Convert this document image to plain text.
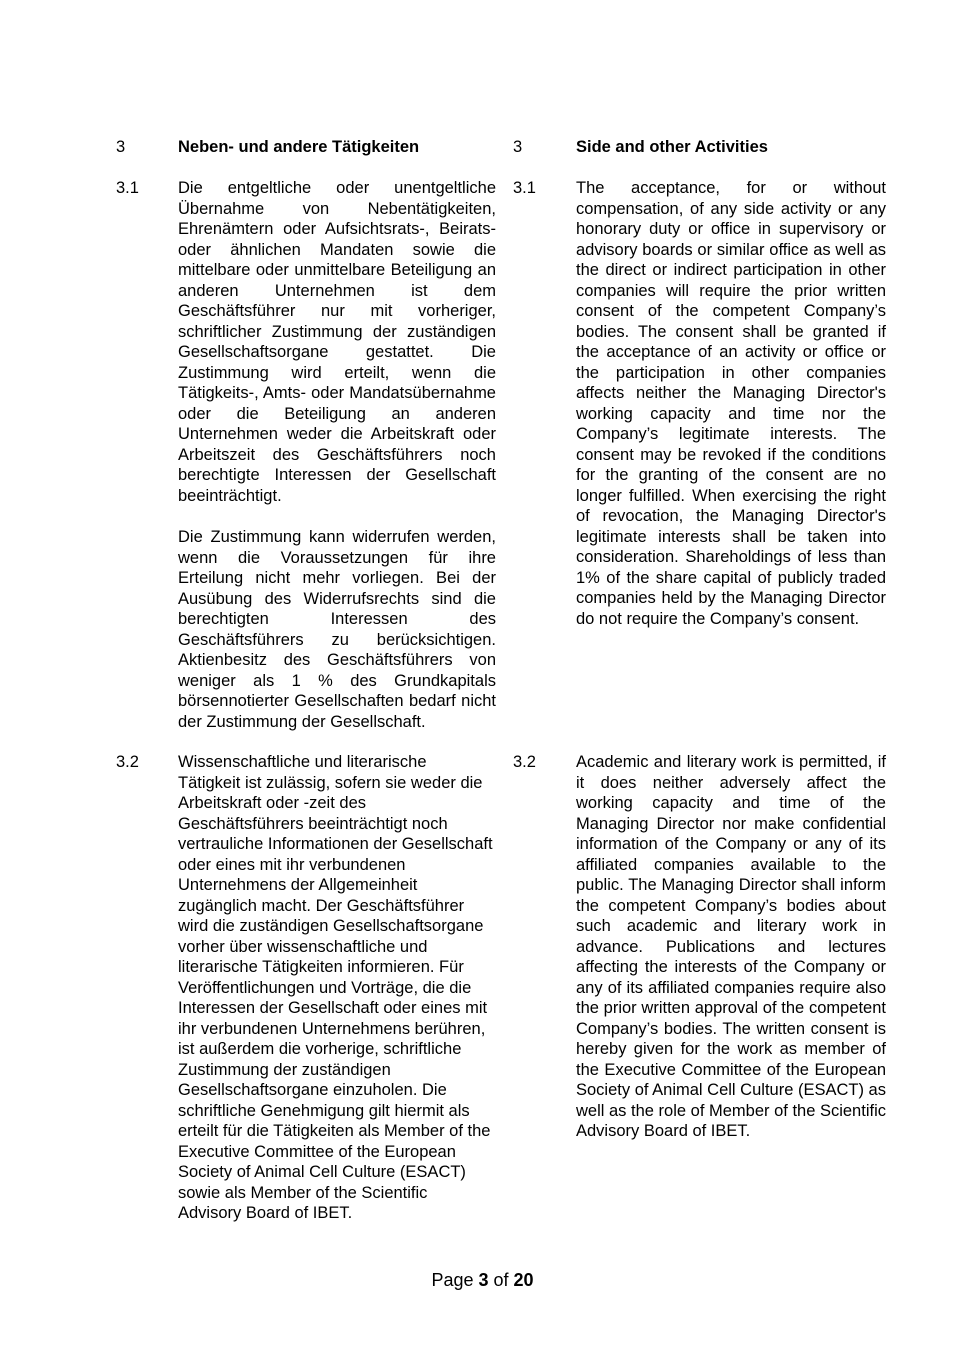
3	Neben- und andere Tätigkeiten
3.1 Die entgeltliche oder unentgeltliche Übernahme von Nebentätigkeiten, Ehrenämtern oder Aufsichtsrats-, Beirats- oder ähnlichen Mandaten sowie die mittelbare oder unmittelbare Beteiligung an anderen Unternehmen ist dem Geschäftsführer nur mit vorheriger, schriftlicher Zustimmung der zuständigen Gesellschaftsorgane gestattet. Die Zustimmung wird erteilt, wenn die Tätigkeits-, Amts- oder Mandatsübernahme oder die Beteiligung an anderen Unternehmen weder die Arbeitskraft oder Arbeitszeit des Geschäftsführers noch berechtigte Interessen der Gesellschaft beeinträchtigt.
Die Zustimmung kann widerrufen werden, wenn die Voraussetzungen für ihre Erteilung nicht mehr vorliegen. Bei der Ausübung des Widerrufsrechts sind die berechtigten Interessen des Geschäftsführers zu berücksichtigen. Aktienbesitz des Geschäftsführers von weniger als 1 % des Grundkapitals börsennotierter Gesellschaften bedarf nicht der Zustimmung der Gesellschaft.
3.2 Wissenschaftliche und literarische Tätigkeit ist zulässig, sofern sie weder die Arbeitskraft oder -zeit des Geschäftsführers beeinträchtigt noch vertrauliche Informationen der Gesellschaft oder eines mit ihr verbundenen Unternehmens der Allgemeinheit zugänglich macht. Der Geschäftsführer wird die zuständigen Gesellschaftsorgane vorher über wissenschaftliche und literarische Tätigkeiten informieren. Für Veröffentlichungen und Vorträge, die die Interessen der Gesellschaft oder eines mit ihr verbundenen Unternehmens berühren, ist außerdem die vorherige, schriftliche Zustimmung der zuständigen Gesellschaftsorgane einzuholen. Die schriftliche Genehmigung gilt hiermit als erteilt für die Tätigkeiten als Member of the Executive Committee of the European Society of Animal Cell Culture (ESACT) sowie als Member of the Scientific Advisory Board of IBET.
3	Side and other Activities
3.1 The acceptance, for or without compensation, of any side activity or any honorary duty or office in supervisory or advisory boards or similar office as well as the direct or indirect participation in other companies will require the prior written consent of the competent Company’s bodies. The consent shall be granted if the acceptance of an activity or office or the participation in other companies affects neither the Managing Director's working capacity and time nor the Company’s legitimate interests. The consent may be revoked if the conditions for the granting of the consent are no longer fulfilled. When exercising the right of revocation, the Managing Director's legitimate interests shall be taken into consideration. Shareholdings of less than 1% of the share capital of publicly traded companies held by the Managing Director do not require the Company’s consent.
3.2 Academic and literary work is permitted, if it does neither adversely affect the working capacity and time of the Managing Director nor make confidential information of the Company or any of its affiliated companies available to the public. The Managing Director shall inform the competent Company’s bodies about such academic and literary work in advance. Publications and lectures affecting the interests of the Company or any of its affiliated companies require also the prior written approval of the competent Company’s bodies. The written consent is hereby given for the work as member of the Executive Committee of the European Society of Animal Cell Culture (ESACT) as well as the role of Member of the Scientific Advisory Board of IBET.
Page 3 of 20
